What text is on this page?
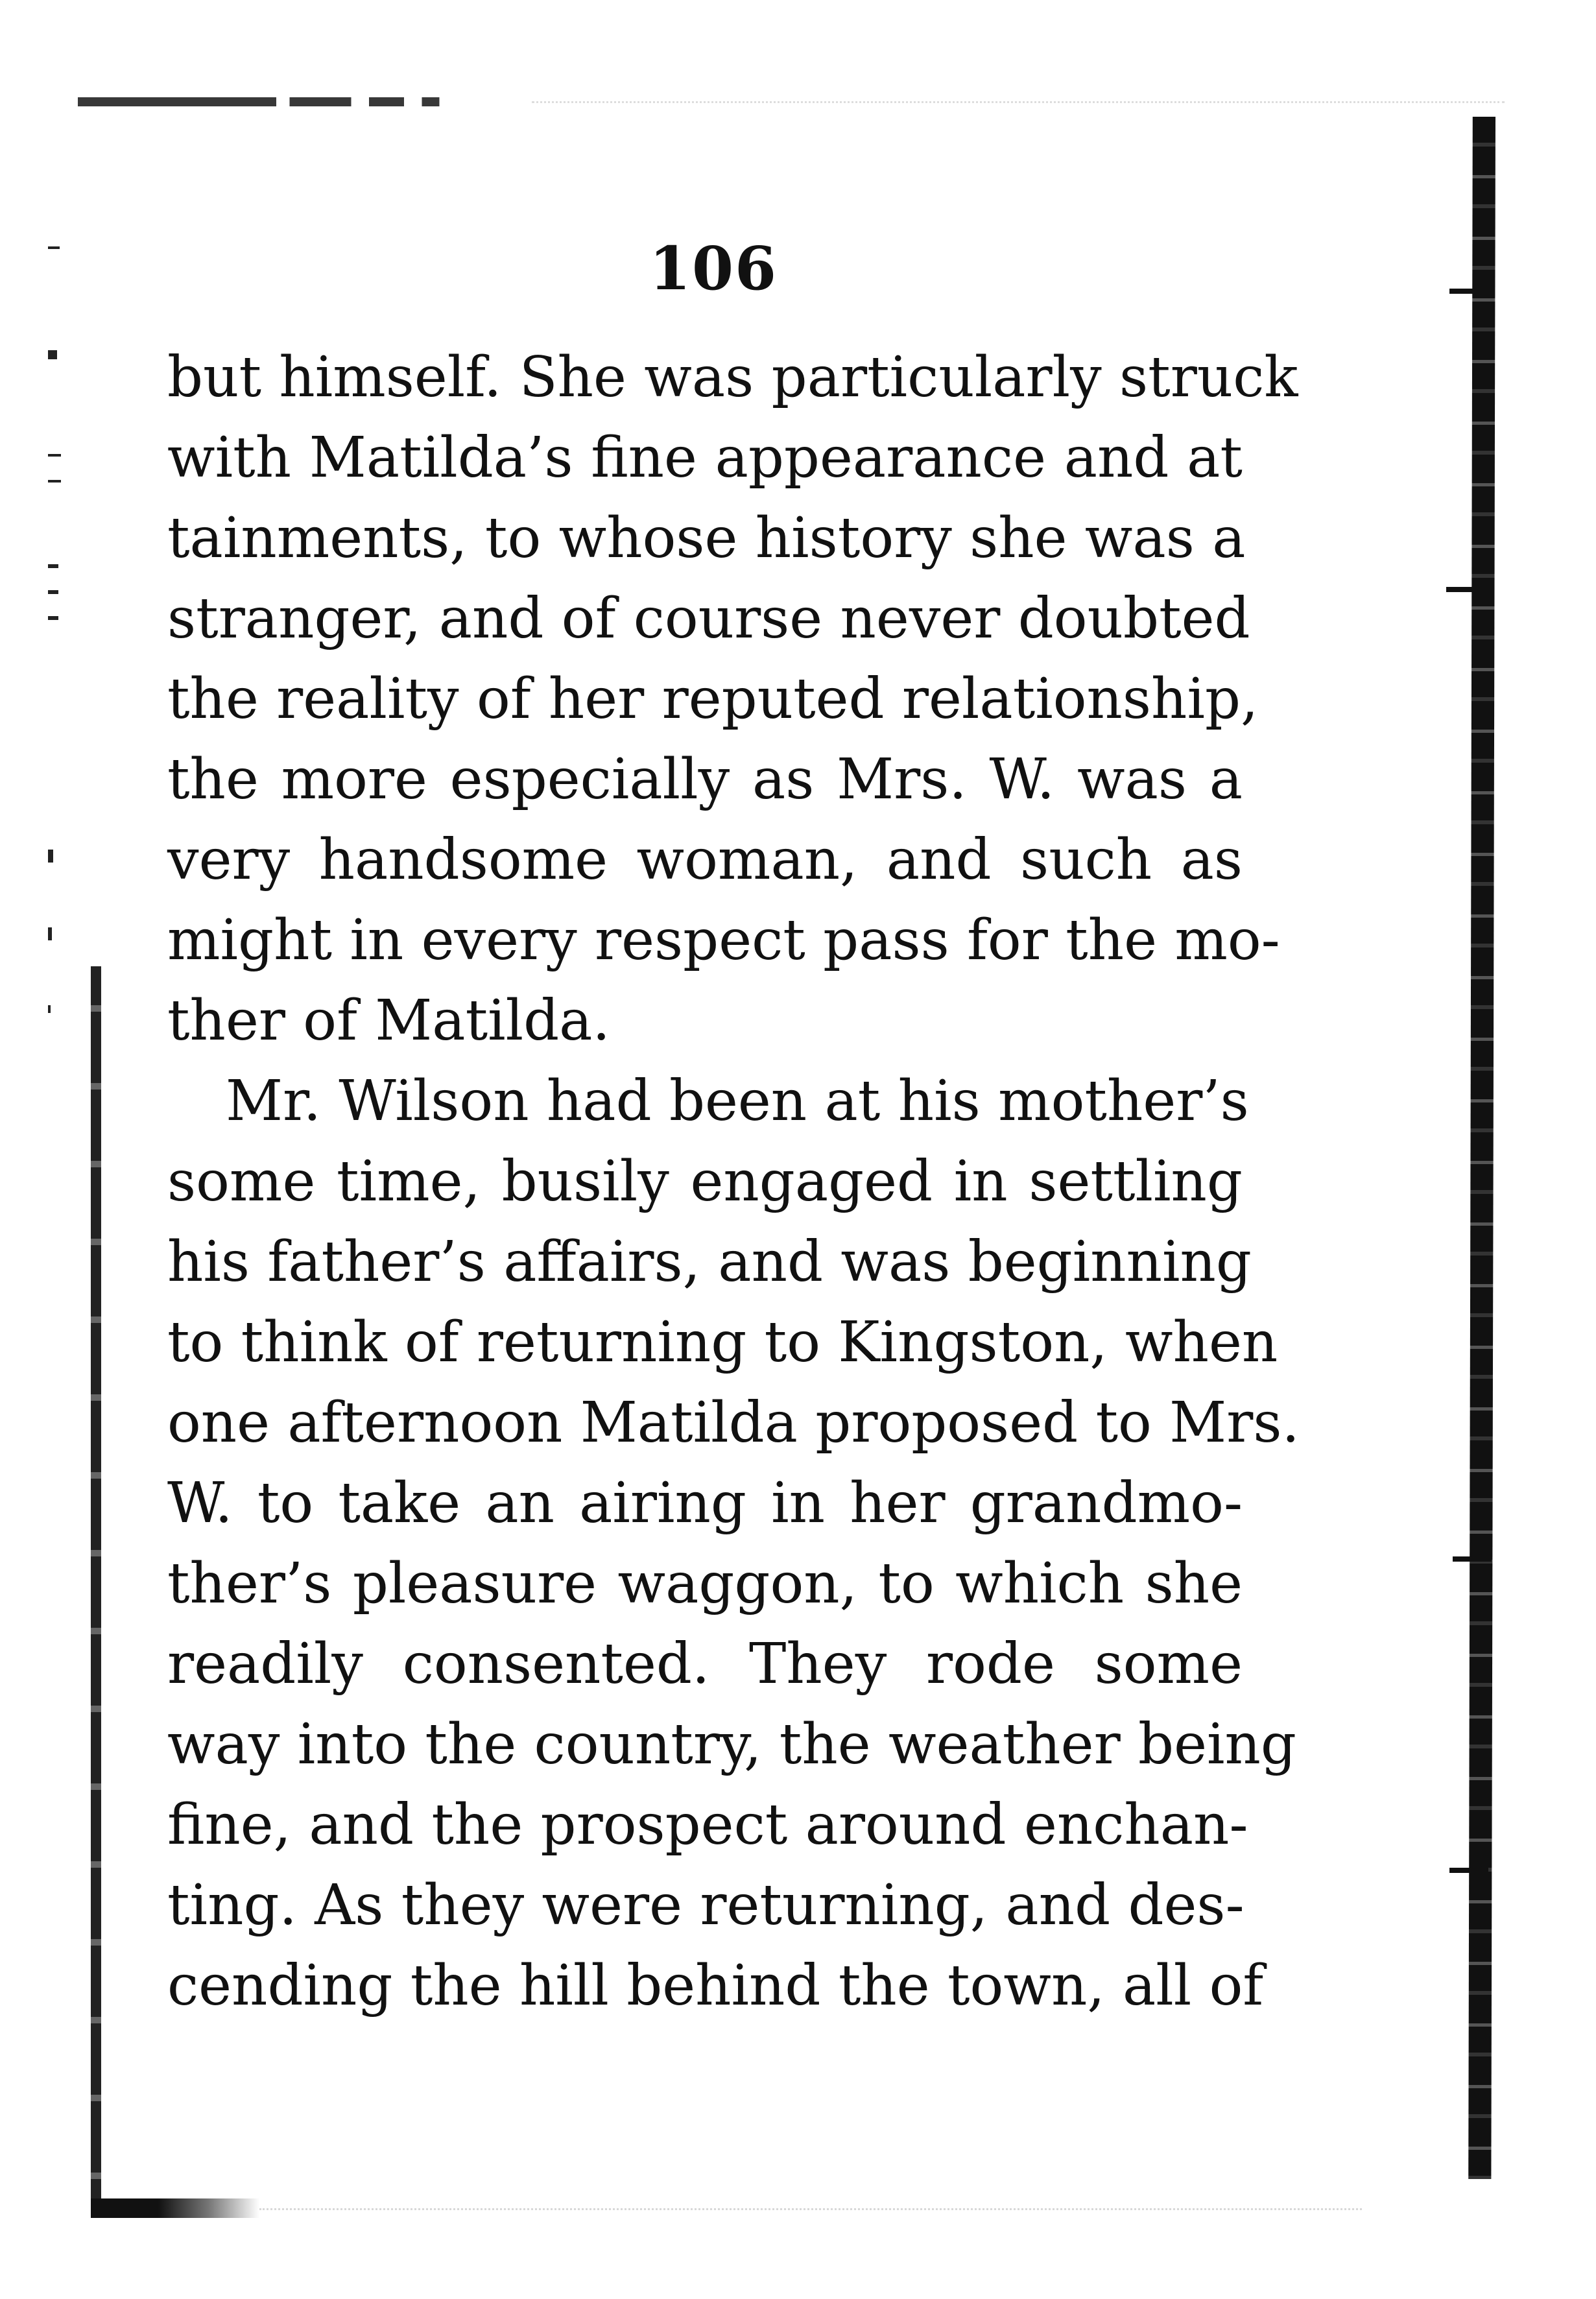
106
but himself. She was particularly struck
with Matilda’s fine appearance and at
tainments, to whose history she was a
stranger, and of course never doubted
the reality of her reputed relationship,
the more especially as Mrs. W. was a
very handsome woman, and such as
might in every respect pass for the mo-
ther of Matilda.
Mr. Wilson had been at his mother’s
some time, busily engaged in settling
his father’s affairs, and was beginning
to think of returning to Kingston, when
one afternoon Matilda proposed to Mrs.
W. to take an airing in her grandmo-
ther’s pleasure waggon, to which she
readily consented. They rode some
way into the country, the weather being
fine, and the prospect around enchan-
ting. As they were returning, and des-
cending the hill behind the town, all of
